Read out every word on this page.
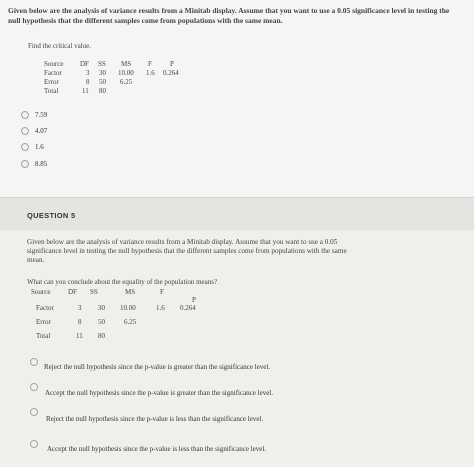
Given below are the analysis of variance results from a Minitab display. Assume that you want to use a 0.05 significance level in testing the null hypothesis that the different samples come from populations with the same mean.
Find the critical value.
Source DF SS MS F	P
Factor	3 30 10.00 1.6 0.264
Error	8 50 6.25
Total	11 80
7.59
4.07
1.6
8.85
QUESTION 5
Given below are the analysis of variance results from a Minitab display. Assume that you want to use a 0.05 significance level in testing the null hypothesis that the different samples come from populations with the same mean.
What can you conclude about the equality of the population means?
Source	DF SS	MS	F
P
Factor	3 30 10.00	1.6 0.264
Error	8 50	6.25
Total	11 80
Reject the null hypothesis since the p-value is greater than the significance level.
Accept the null hypothesis since the p-value is greater than the significance level.
Reject the null hypothesis since the p-value is less than the significance level.
Accept the null hypothesis since the p-value is less than the significance level.
